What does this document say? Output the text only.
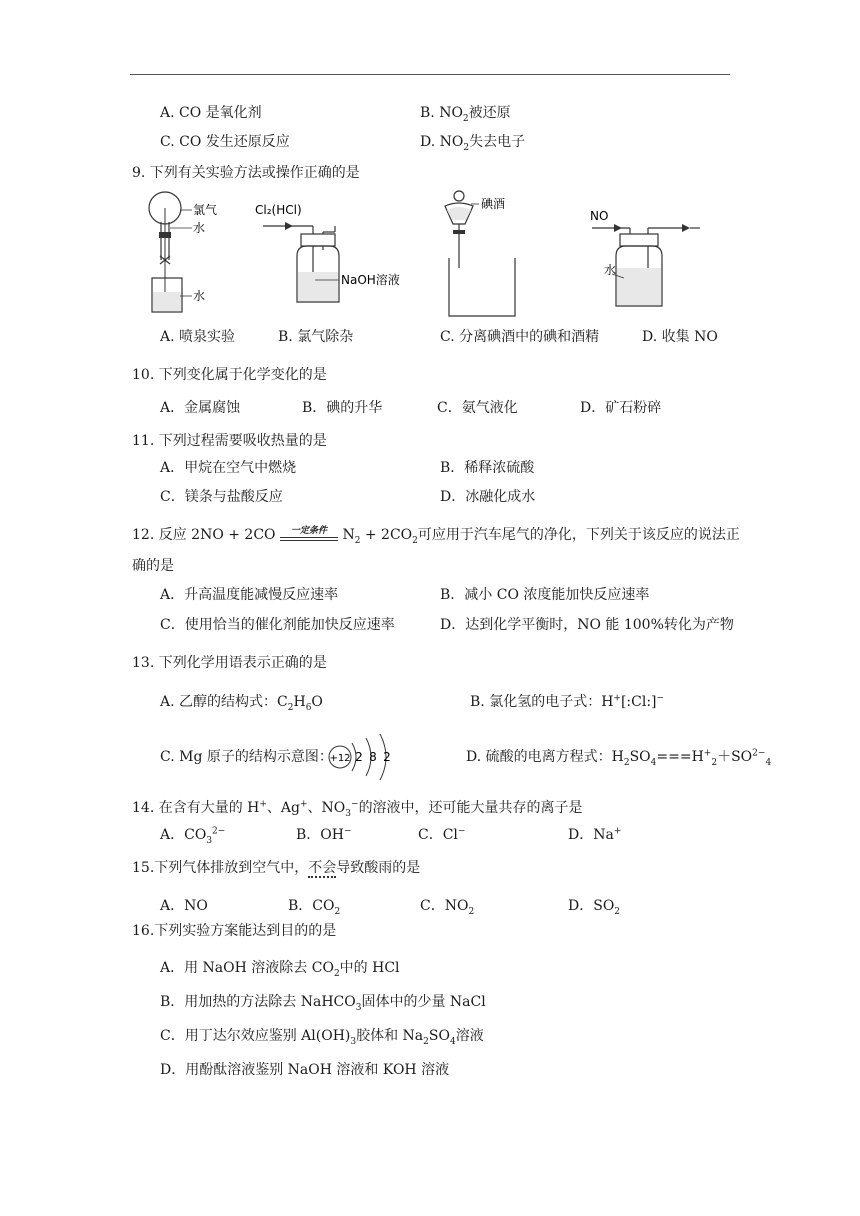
A. CO 是氧化剂	B. $NO_2$被还原
C. CO 发生还原反应	D. $NO_2$失去电子
9. 下列有关实验方法或操作正确的是
氯气
水
水
Cl₂(HCl)
NaOH溶液
碘酒
NO
水
A. 喷泉实验	B. 氯气除杂	C. 分离碘酒中的碘和酒精	D. 收集 NO
10. 下列变化属于化学变化的是
A．金属腐蚀	B．碘的升华	C．氨气液化	D．矿石粉碎
11. 下列过程需要吸收热量的是
A．甲烷在空气中燃烧	B．稀释浓硫酸
C．镁条与盐酸反应	D．冰融化成水
12. 反应 2NO + 2CO	一定条件	$N_2 + 2CO_2$可应用于汽车尾气的净化，下列关于该反应的说法正
确的是
A．升高温度能减慢反应速率	B．减小 CO 浓度能加快反应速率
C．使用恰当的催化剂能加快反应速率	D．达到化学平衡时，NO 能 100%转化为产物
13. 下列化学用语表示正确的是
A. 乙醇的结构式：$C_2H_6O$	B. 氯化氢的电子式：H+[:Cl:]−
C. Mg 原子的结构示意图：
+12 2 8 2	D. 硫酸的电离方程式：$H_2SO_4===H^+_2+SO^{2-}_4$
14. 在含有大量的 H+、Ag+、$NO_3^-$的溶液中，还可能大量共存的离子是
A．$CO_3^{2-}$	B．OH−	C．Cl−	D．Na+
15.下列气体排放到空气中，不会导致酸雨的是
A．NO	B．$CO_2$	C．$NO_2$	D．$SO_2$
16.下列实验方案能达到目的的是
A．用 NaOH 溶液除去 $CO_2$中的 HCl
B．用加热的方法除去 NaHCO$_3$固体中的少量 NaCl
C．用丁达尔效应鉴别 $Al(OH)_3$胶体和 $Na_2SO_4$溶液
D．用酚酞溶液鉴别 NaOH 溶液和 KOH 溶液
